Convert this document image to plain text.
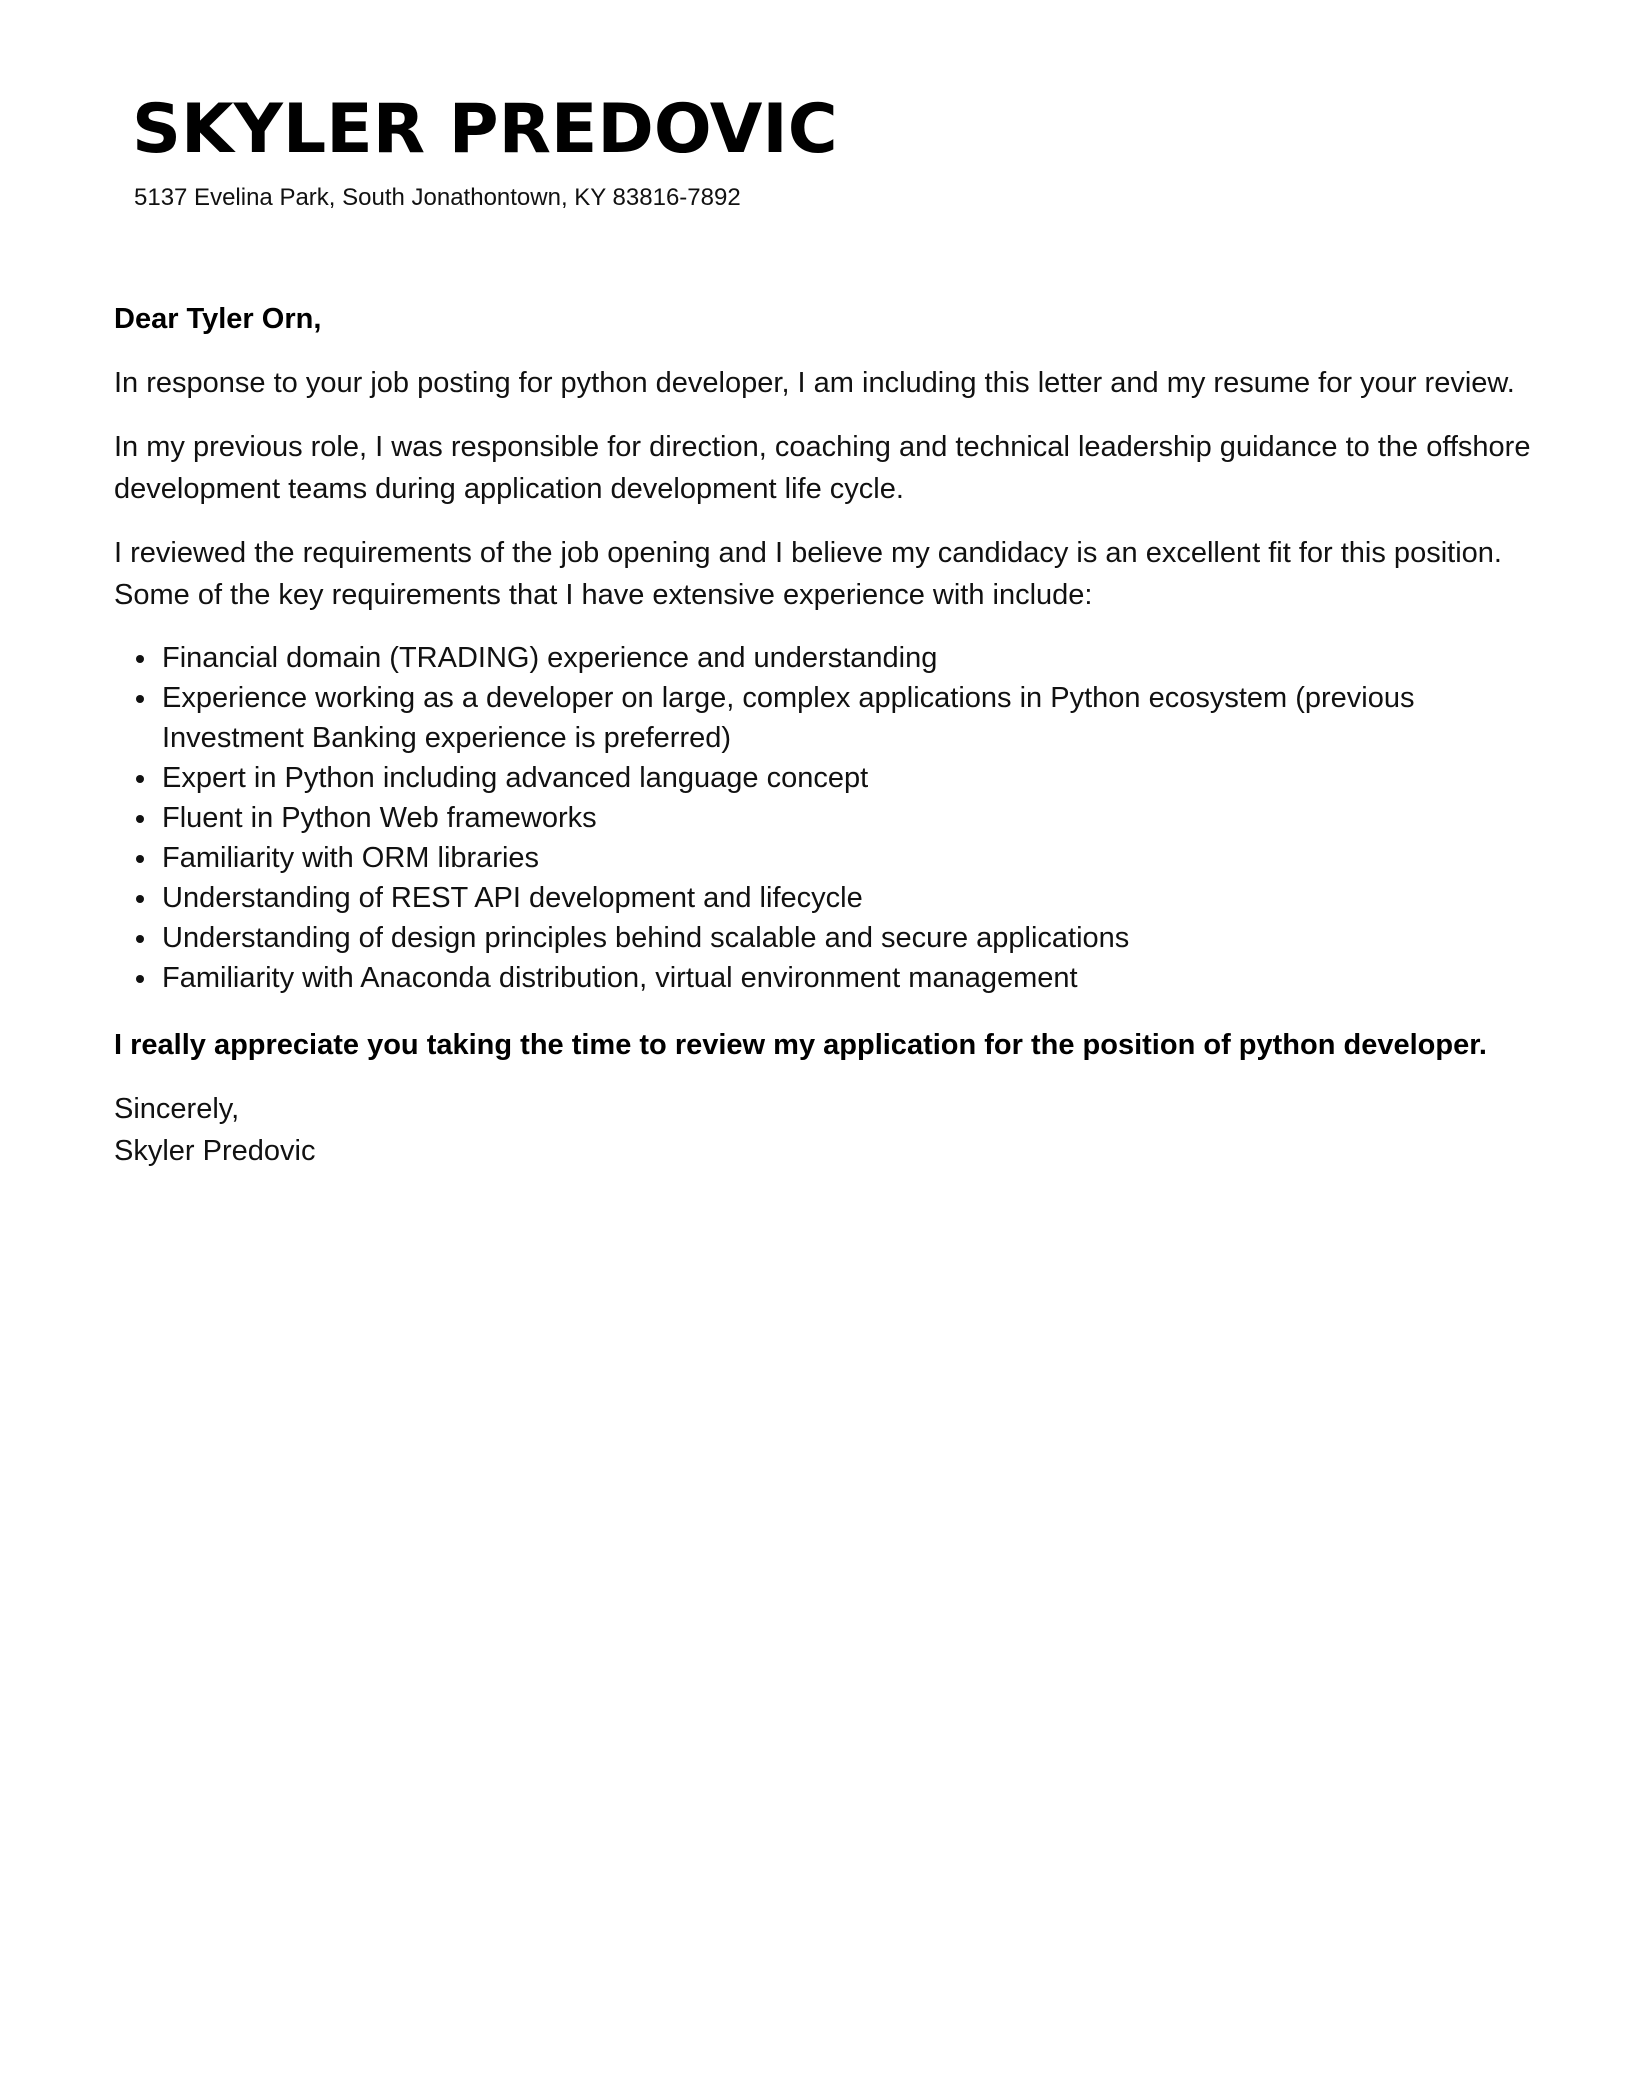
SKYLER PREDOVIC
5137 Evelina Park, South Jonathontown, KY 83816-7892

Dear Tyler Orn,

In response to your job posting for python developer, I am including this letter and my resume for your review.

In my previous role, I was responsible for direction, coaching and technical leadership guidance to the offshore development teams during application development life cycle.

I reviewed the requirements of the job opening and I believe my candidacy is an excellent fit for this position. Some of the key requirements that I have extensive experience with include:

Financial domain (TRADING) experience and understanding
Experience working as a developer on large, complex applications in Python ecosystem (previous Investment Banking experience is preferred)
Expert in Python including advanced language concept
Fluent in Python Web frameworks
Familiarity with ORM libraries
Understanding of REST API development and lifecycle
Understanding of design principles behind scalable and secure applications
Familiarity with Anaconda distribution, virtual environment management

I really appreciate you taking the time to review my application for the position of python developer.

Sincerely,
Skyler Predovic
